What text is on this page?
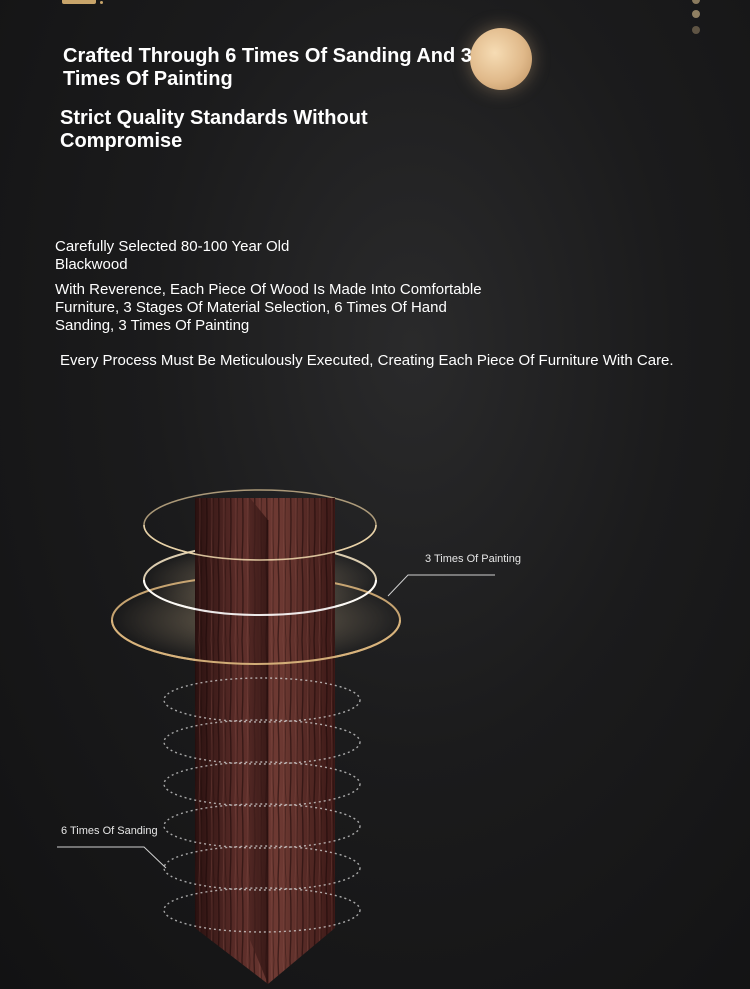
Crafted Through 6 Times Of Sanding And 3 Times Of Painting
Strict Quality Standards Without Compromise
Carefully Selected 80-100 Year Old Blackwood
With Reverence, Each Piece Of Wood Is Made Into Comfortable Furniture, 3 Stages Of Material Selection, 6 Times Of Hand Sanding, 3 Times Of Painting
Every Process Must Be Meticulously Executed, Creating Each Piece Of Furniture With Care.
3 Times Of Painting
6 Times Of Sanding
